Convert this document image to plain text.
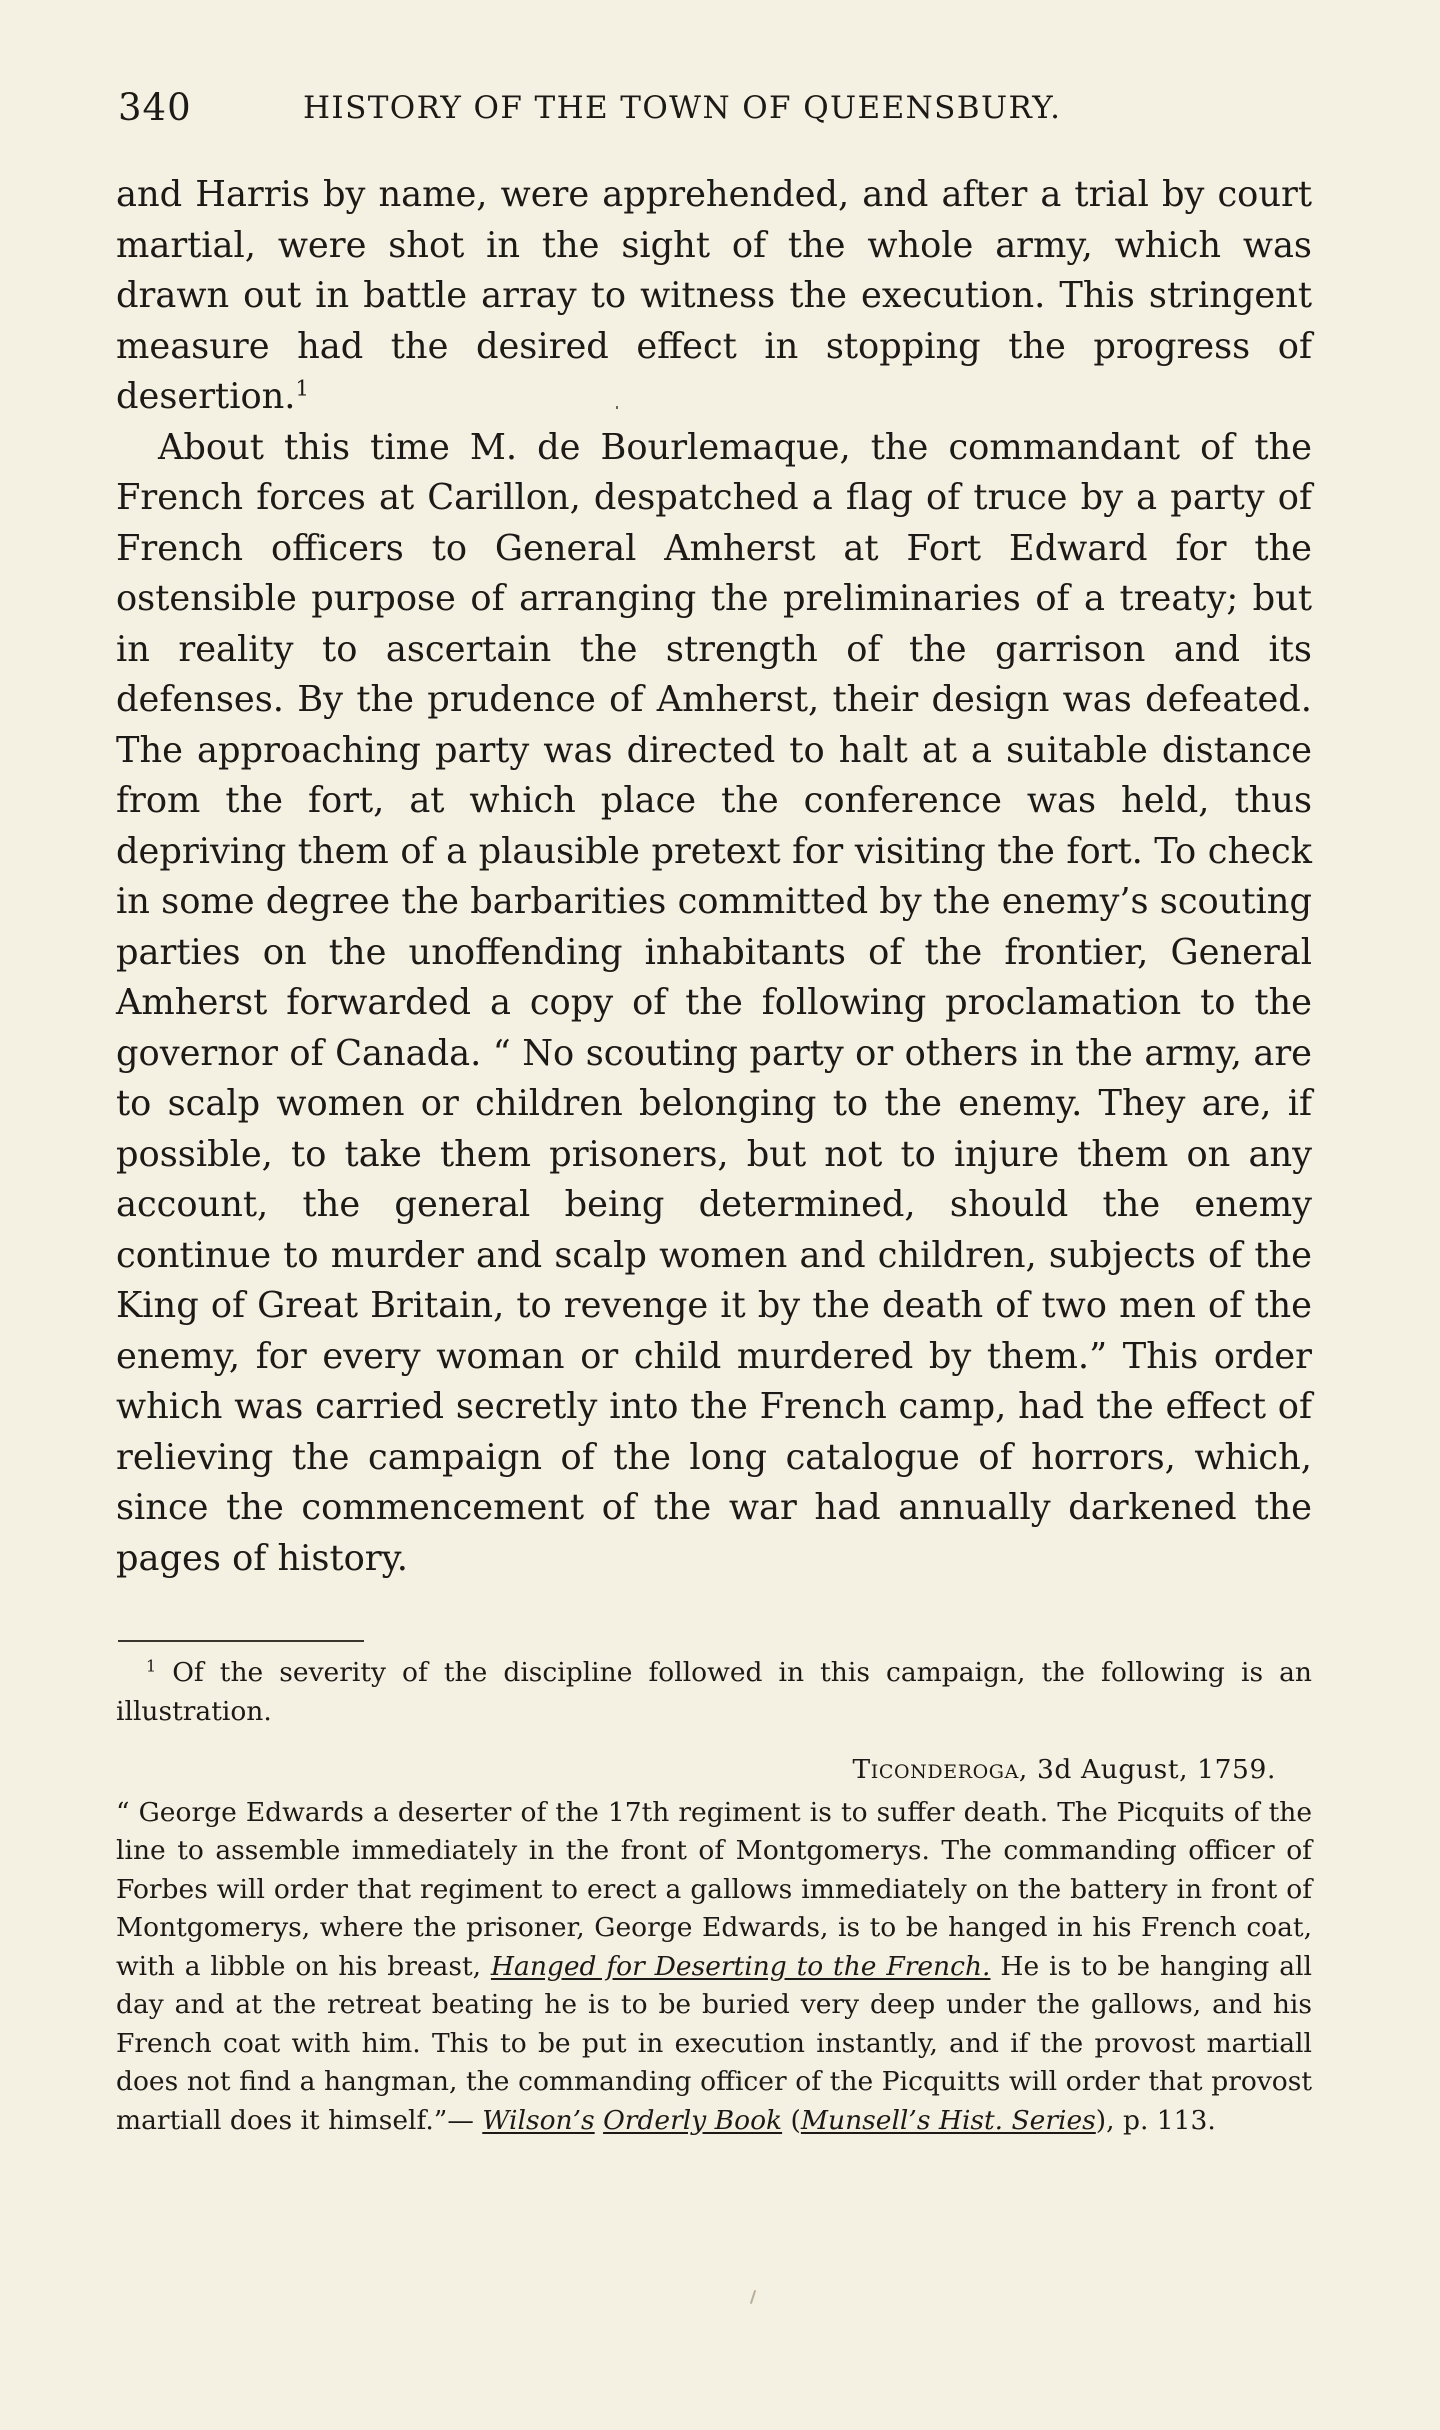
340	HISTORY OF THE TOWN OF QUEENSBURY.

and Harris by name, were apprehended, and after a trial by court martial, were shot in the sight of the whole army, which was drawn out in battle array to witness the execution. This stringent measure had the desired effect in stopping the progress of desertion.$^1$

About this time M. de Bourlemaque, the commandant of the French forces at Carillon, despatched a flag of truce by a party of French officers to General Amherst at Fort Edward for the ostensible purpose of arranging the preliminaries of a treaty; but in reality to ascertain the strength of the garrison and its defenses. By the prudence of Amherst, their design was defeated. The approaching party was directed to halt at a suitable distance from the fort, at which place the conference was held, thus depriving them of a plausible pretext for visiting the fort. To check in some degree the barbarities committed by the enemy’s scouting parties on the unoffending inhabitants of the frontier, General Amherst forwarded a copy of the following proclamation to the governor of Canada. “ No scouting party or others in the army, are to scalp women or children belonging to the enemy. They are, if possible, to take them prisoners, but not to injure them on any account, the general being determined, should the enemy continue to murder and scalp women and children, subjects of the King of Great Britain, to revenge it by the death of two men of the enemy, for every woman or child murdered by them.” This order which was carried secretly into the French camp, had the effect of relieving the campaign of the long catalogue of horrors, which, since the commencement of the war had annually darkened the pages of history.

$^1$ Of the severity of the discipline followed in this campaign, the following is an illustration.

Ticonderoga, 3d August, 1759.

“ George Edwards a deserter of the 17th regiment is to suffer death. The Picquits of the line to assemble immediately in the front of Montgomerys. The commanding officer of Forbes will order that regiment to erect a gallows immediately on the battery in front of Montgomerys, where the prisoner, George Edwards, is to be hanged in his French coat, with a libble on his breast, Hanged for Deserting to the French. He is to be hanging all day and at the retreat beating he is to be buried very deep under the gallows, and his French coat with him. This to be put in execution instantly, and if the provost martiall does not find a hangman, the commanding officer of the Picquitts will order that provost martiall does it himself.”— Wilson’s Orderly Book (Munsell’s Hist. Series), p. 113.
